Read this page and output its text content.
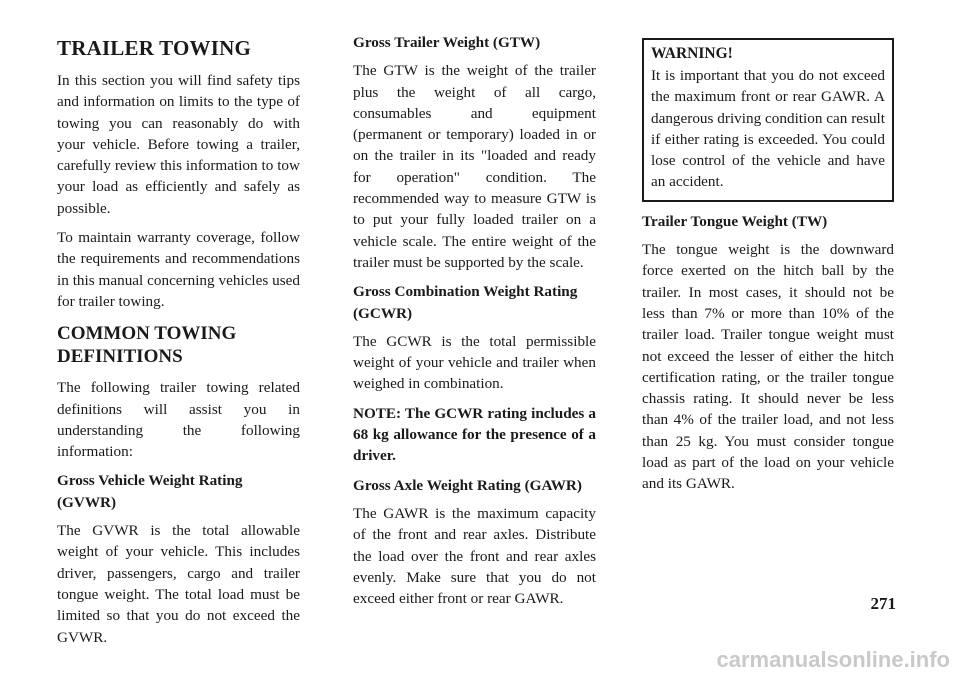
TRAILER TOWING

In this section you will find safety tips and information on limits to the type of towing you can reasonably do with your vehicle. Before towing a trailer, carefully review this information to tow your load as efficiently and safely as possible.

To maintain warranty coverage, follow the requirements and recommendations in this manual concerning vehicles used for trailer towing.

COMMON TOWING DEFINITIONS

The following trailer towing related definitions will assist you in understanding the following information:

Gross Vehicle Weight Rating (GVWR)

The GVWR is the total allowable weight of your vehicle. This includes driver, passengers, cargo and trailer tongue weight. The total load must be limited so that you do not exceed the GVWR.

Gross Trailer Weight (GTW)

The GTW is the weight of the trailer plus the weight of all cargo, consumables and equipment (permanent or temporary) loaded in or on the trailer in its "loaded and ready for operation" condition. The recommended way to measure GTW is to put your fully loaded trailer on a vehicle scale. The entire weight of the trailer must be supported by the scale.

Gross Combination Weight Rating (GCWR)

The GCWR is the total permissible weight of your vehicle and trailer when weighed in combination.

NOTE: The GCWR rating includes a 68 kg allowance for the presence of a driver.

Gross Axle Weight Rating (GAWR)

The GAWR is the maximum capacity of the front and rear axles. Distribute the load over the front and rear axles evenly. Make sure that you do not exceed either front or rear GAWR.

WARNING!

It is important that you do not exceed the maximum front or rear GAWR. A dangerous driving condition can result if either rating is exceeded. You could lose control of the vehicle and have an accident.

Trailer Tongue Weight (TW)

The tongue weight is the downward force exerted on the hitch ball by the trailer. In most cases, it should not be less than 7% or more than 10% of the trailer load. Trailer tongue weight must not exceed the lesser of either the hitch certification rating, or the trailer tongue chassis rating. It should never be less than 4% of the trailer load, and not less than 25 kg. You must consider tongue load as part of the load on your vehicle and its GAWR.

271
carmanualsonline.info
